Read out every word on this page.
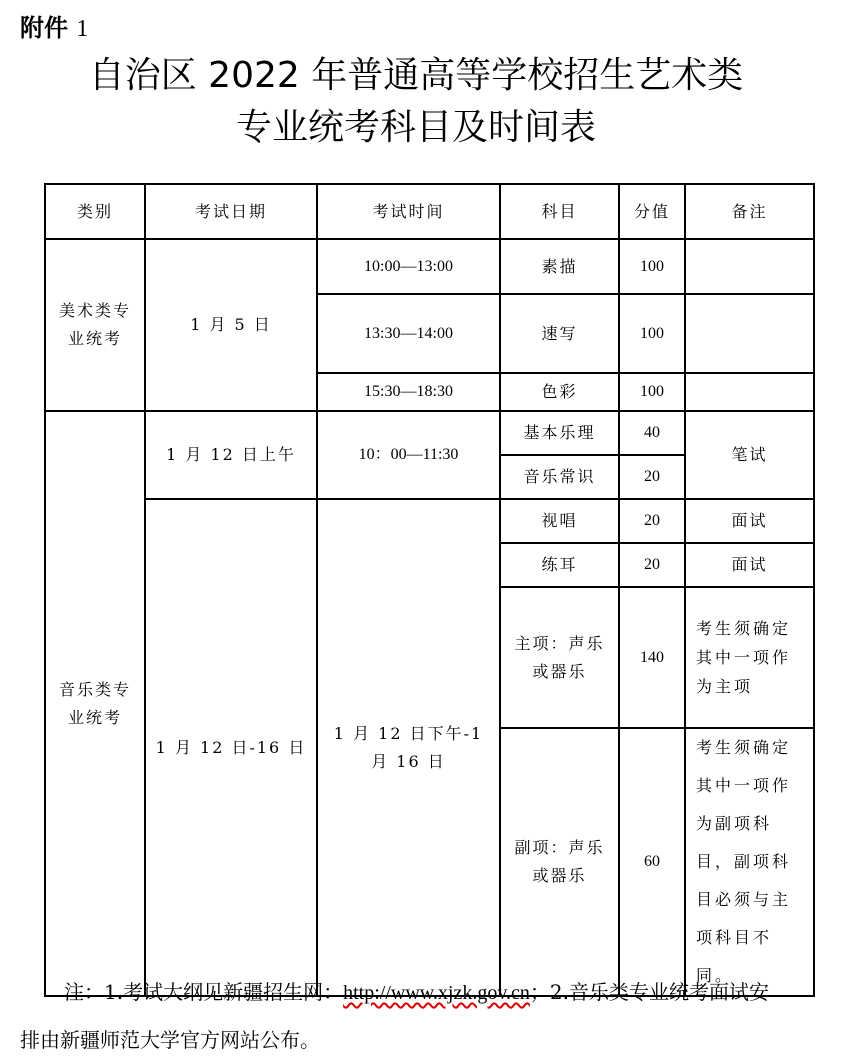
附件 1
自治区 2022 年普通高等学校招生艺术类
专业统考科目及时间表
类别	考试日期	考试时间	科目	分值	备注

美术类专业统考	1 月 5 日	10:00—13:00	素描	100	
		13:30—14:00	速写	100	
		15:30—18:30	色彩	100	

音乐类专业统考	1 月 12 日上午	10：00—11:30	基本乐理	40	笔试
			音乐常识	20	
	1 月 12 日-16 日	1 月 12 日下午-1 月 16 日	视唱	20	面试
			练耳	20	面试

			主项：声乐或器乐	140	考生须确定其中一项作为主项

			副项：声乐或器乐	60	考生须确定其中一项作为副项科目，副项科目必须与主项科目不同。
注：1.考试大纲见新疆招生网：http://www.xjzk.gov.cn；2.音乐类专业统考面试安
排由新疆师范大学官方网站公布。
